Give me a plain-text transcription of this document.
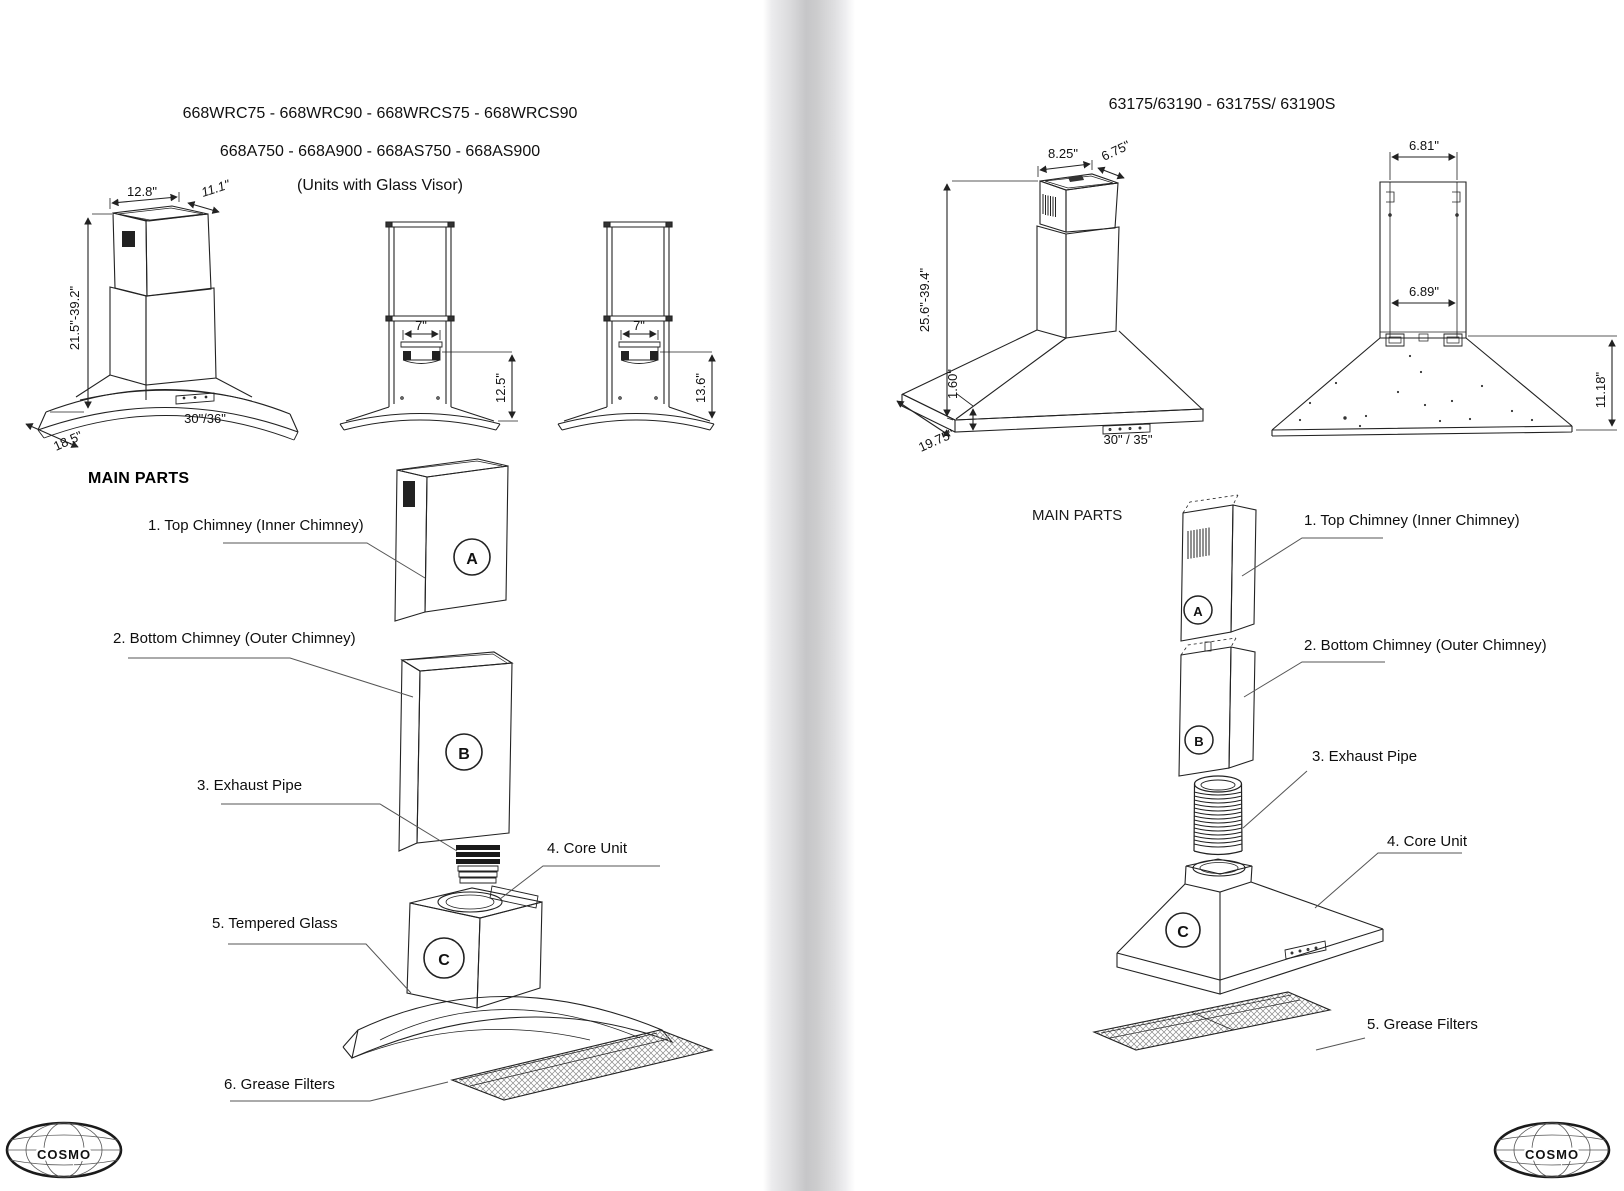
668WRC75 - 668WRC90 - 668WRCS75 - 668WRCS90
668A750 - 668A900 - 668AS750 - 668AS900
(Units with Glass Visor)
MAIN PARTS
1. Top Chimney (Inner Chimney)
2. Bottom Chimney (Outer Chimney)
3. Exhaust Pipe
4. Core Unit
5. Tempered Glass
6. Grease Filters
63175/63190 - 63175S/ 63190S
MAIN PARTS	1. Top Chimney (Inner Chimney)
2. Bottom Chimney (Outer Chimney)
3. Exhaust Pipe
4. Core Unit
5. Grease Filters
12.8"	11.1"
21.5"-39.2"
30"/36"
18.5"
7"
12.5"
7"
13.6"
A
B
C
8.25" 6.75"
25.6"-39.4"
1.60"
19.75"	30" / 35"
6.81"
6.89"
11.18"
A
B
C
COSMO	COSMO
